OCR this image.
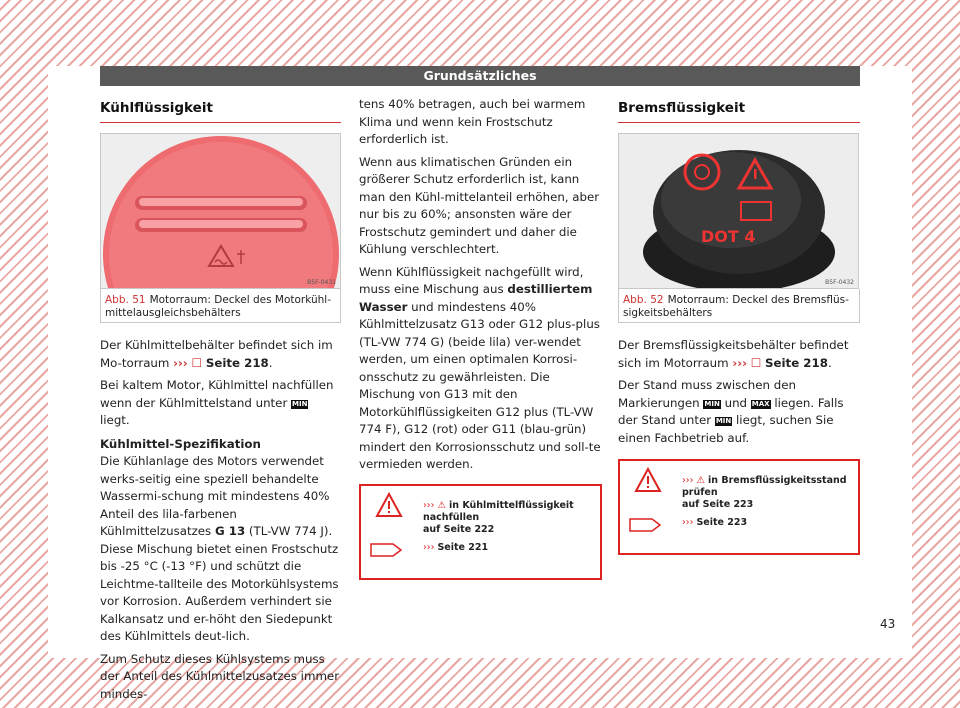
Grundsätzliches
Kühlflüssigkeit
B5F-0431
Abb. 51 Motorraum: Deckel des Motorkühl-mittelausgleichsbehälters

Der Kühlmittelbehälter befindet sich im Mo-torraum ››› ☐ Seite 218.

Bei kaltem Motor, Kühlmittel nachfüllen wenn der Kühlmittelstand unter MIN liegt.

Kühlmittel-Spezifikation

Die Kühlanlage des Motors verwendet werks-seitig eine speziell behandelte Wassermi-schung mit mindestens 40% Anteil des lila-farbenen Kühlmittelzusatzes G 13 (TL-VW 774 J). Diese Mischung bietet einen Frostschutz bis -25 °C (-13 °F) und schützt die Leichtme-tallteile des Motorkühlsystems vor Korrosion. Außerdem verhindert sie Kalkansatz und er-höht den Siedepunkt des Kühlmittels deut-lich.

Zum Schutz dieses Kühlsystems muss der Anteil des Kühlmittelzusatzes immer mindes-

tens 40% betragen, auch bei warmem Klima und wenn kein Frostschutz erforderlich ist.

Wenn aus klimatischen Gründen ein größerer Schutz erforderlich ist, kann man den Kühl-mittelanteil erhöhen, aber nur bis zu 60%; ansonsten wäre der Frostschutz gemindert und daher die Kühlung verschlechtert.

Wenn Kühlflüssigkeit nachgefüllt wird, muss eine Mischung aus destilliertem Wasser und mindestens 40% Kühlmittelzusatz G13 oder G12 plus-plus (TL-VW 774 G) (beide lila) ver-wendet werden, um einen optimalen Korrosi-onsschutz zu gewährleisten. Die Mischung von G13 mit den Motorkühlflüssigkeiten G12 plus (TL-VW 774 F), G12 (rot) oder G11 (blau-grün) mindert den Korrosionsschutz und soll-te vermieden werden.

››› ⚠ in Kühlmittelflüssigkeit nachfüllen
auf Seite 222
››› Seite 221
Bremsflüssigkeit
DOT 4
B5F-0432
Abb. 52 Motorraum: Deckel des Bremsflüs-sigkeitsbehälters

Der Bremsflüssigkeitsbehälter befindet sich im Motorraum ››› ☐ Seite 218.

Der Stand muss zwischen den Markierungen MIN und MAX liegen. Falls der Stand unter MIN liegt, suchen Sie einen Fachbetrieb auf.

››› ⚠ in Bremsflüssigkeitsstand prüfen
auf Seite 223
››› Seite 223
43
